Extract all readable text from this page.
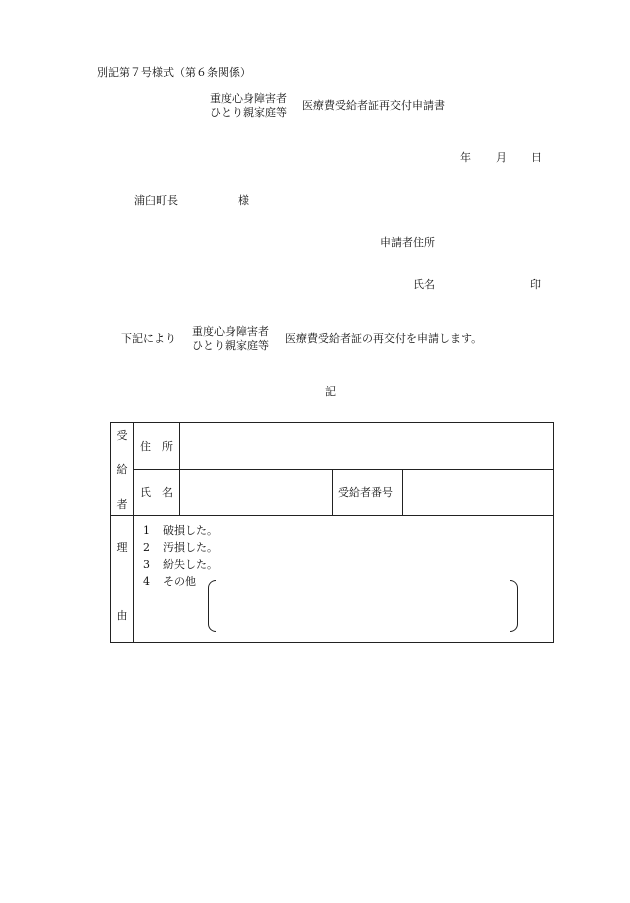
別記第７号様式（第６条関係）
重度心身障害者
ひとり親家庭等
医療費受給者証再交付申請書
年 月 日
浦臼町長	様
申請者住所
氏名	印
下記により
重度心身障害者
ひとり親家庭等
医療費受給者証の再交付を申請します。
記
受
給
者
住　所
氏　名	受給者番号
理
由
1 破損した。
2 汚損した。
3 紛失した。
4 その他
